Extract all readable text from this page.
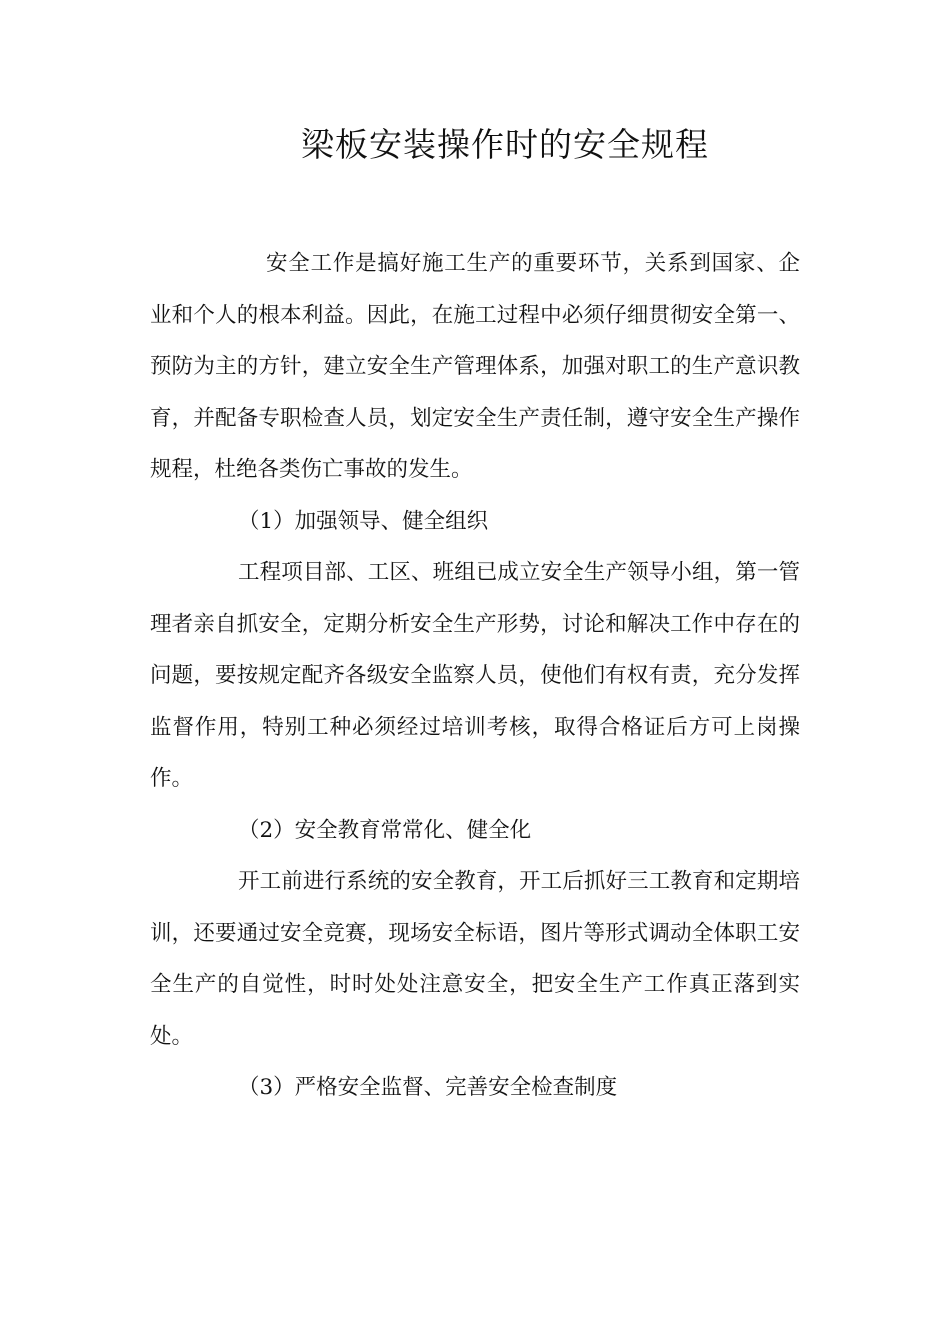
梁板安装操作时的安全规程

安全工作是搞好施工生产的重要环节，关系到国家、企业和个人的根本利益。因此，在施工过程中必须仔细贯彻安全第一、预防为主的方针，建立安全生产管理体系，加强对职工的生产意识教育，并配备专职检查人员，划定安全生产责任制，遵守安全生产操作规程，杜绝各类伤亡事故的发生。

（1）加强领导、健全组织

工程项目部、工区、班组已成立安全生产领导小组，第一管理者亲自抓安全，定期分析安全生产形势，讨论和解决工作中存在的问题，要按规定配齐各级安全监察人员，使他们有权有责，充分发挥监督作用，特别工种必须经过培训考核，取得合格证后方可上岗操作。

（2）安全教育常常化、健全化

开工前进行系统的安全教育，开工后抓好三工教育和定期培训，还要通过安全竞赛，现场安全标语，图片等形式调动全体职工安全生产的自觉性，时时处处注意安全，把安全生产工作真正落到实处。

（3）严格安全监督、完善安全检查制度
